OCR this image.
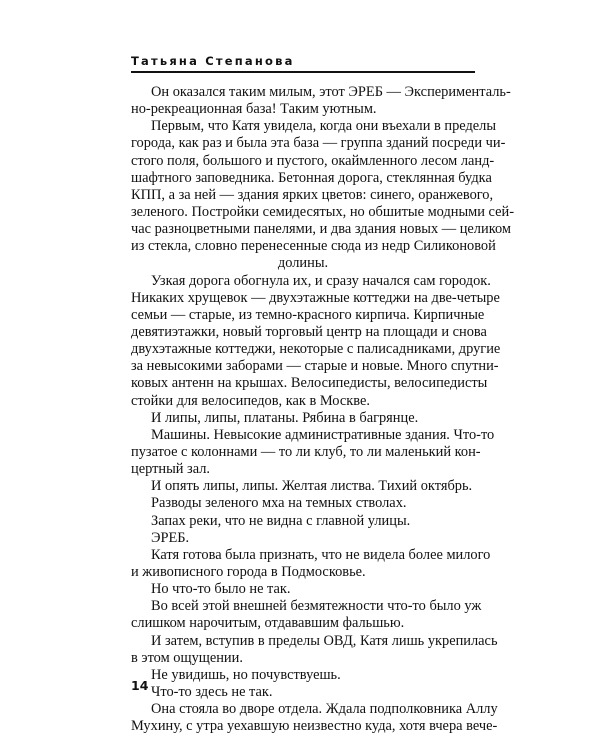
Татьяна Степанова
Он оказался таким милым, этот ЭРЕБ — Эксперименталь-
но-рекреационная база! Таким уютным.
Первым, что Катя увидела, когда они въехали в пределы
города, как раз и была эта база — группа зданий посреди чи-
стого поля, большого и пустого, окаймленного лесом ланд-
шафтного заповедника. Бетонная дорога, стеклянная будка
КПП, а за ней — здания ярких цветов: синего, оранжевого,
зеленого. Постройки семидесятых, но обшитые модными сей-
час разноцветными панелями, и два здания новых — целиком
из стекла, словно перенесенные сюда из недр Силиконовой
долины.
Узкая дорога обогнула их, и сразу начался сам городок.
Никаких хрущевок — двухэтажные коттеджи на две-четыре
семьи — старые, из темно-красного кирпича. Кирпичные
девятиэтажки, новый торговый центр на площади и снова
двухэтажные коттеджи, некоторые с палисадниками, другие
за невысокими заборами — старые и новые. Много спутни-
ковых антенн на крышах. Велосипедисты, велосипедисты
стойки для велосипедов, как в Москве.
И липы, липы, платаны. Рябина в багрянце.
Машины. Невысокие административные здания. Что-то
пузатое с колоннами — то ли клуб, то ли маленький кон-
цертный зал.
И опять липы, липы. Желтая листва. Тихий октябрь.
Разводы зеленого мха на темных стволах.
Запах реки, что не видна с главной улицы.
ЭРЕБ.
Катя готова была признать, что не видела более милого
и живописного города в Подмосковье.
Но что-то было не так.
Во всей этой внешней безмятежности что-то было уж
слишком нарочитым, отдававшим фальшью.
И затем, вступив в пределы ОВД, Катя лишь укрепилась
в этом ощущении.
Не увидишь, но почувствуешь.
Что-то здесь не так.
Она стояла во дворе отдела. Ждала подполковника Аллу
Мухину, с утра уехавшую неизвестно куда, хотя вчера вече-
14
